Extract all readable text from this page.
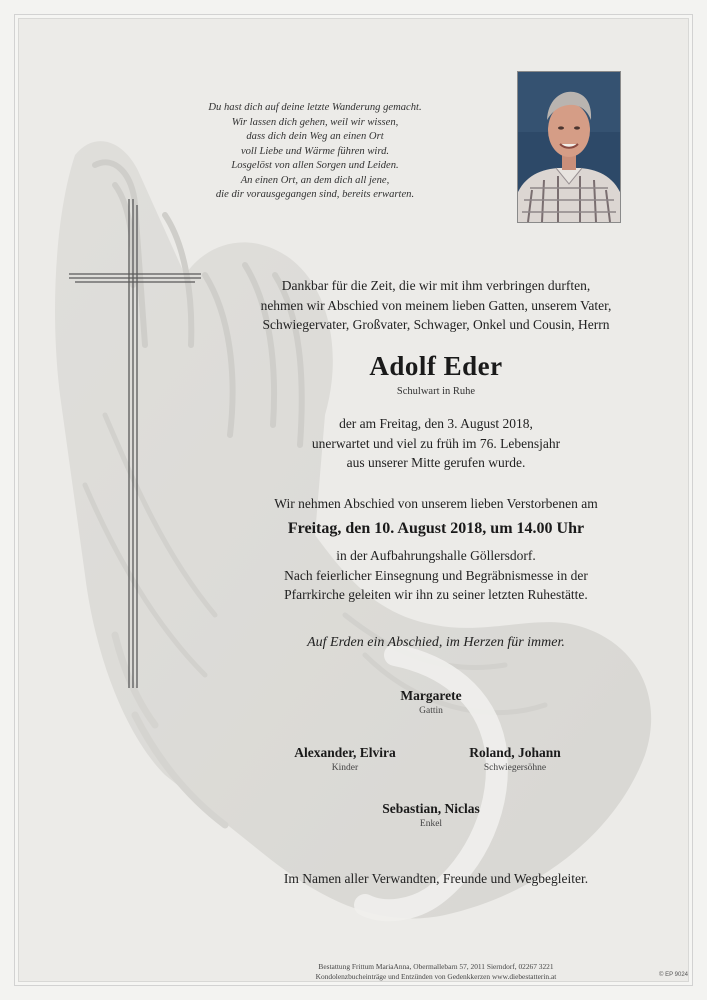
Du hast dich auf deine letzte Wanderung gemacht.
Wir lassen dich gehen, weil wir wissen,
dass dich dein Weg an einen Ort
voll Liebe und Wärme führen wird.
Losgelöst von allen Sorgen und Leiden.
An einen Ort, an dem dich all jene,
die dir vorausgegangen sind, bereits erwarten.
Dankbar für die Zeit, die wir mit ihm verbringen durften,
nehmen wir Abschied von meinem lieben Gatten, unserem Vater,
Schwiegervater, Großvater, Schwager, Onkel und Cousin, Herrn
Adolf Eder
Schulwart in Ruhe
der am Freitag, den 3. August 2018,
unerwartet und viel zu früh im 76. Lebensjahr
aus unserer Mitte gerufen wurde.
Wir nehmen Abschied von unserem lieben Verstorbenen am
Freitag, den 10. August 2018, um 14.00 Uhr
in der Aufbahrungshalle Göllersdorf.
Nach feierlicher Einsegnung und Begräbnismesse in der
Pfarrkirche geleiten wir ihn zu seiner letzten Ruhestätte.
Auf Erden ein Abschied, im Herzen für immer.
Margarete
Gattin
Alexander, Elvira
Kinder
Roland, Johann
Schwiegersöhne
Sebastian, Niclas
Enkel
Im Namen aller Verwandten, Freunde und Wegbegleiter.
Bestattung Frittum MariaAnna, Obermallebarn 57, 2011 Sierndorf, 02267 3221
Kondolenzbucheinträge und Entzünden von Gedenkkerzen www.diebestatterin.at	© EP 9024
